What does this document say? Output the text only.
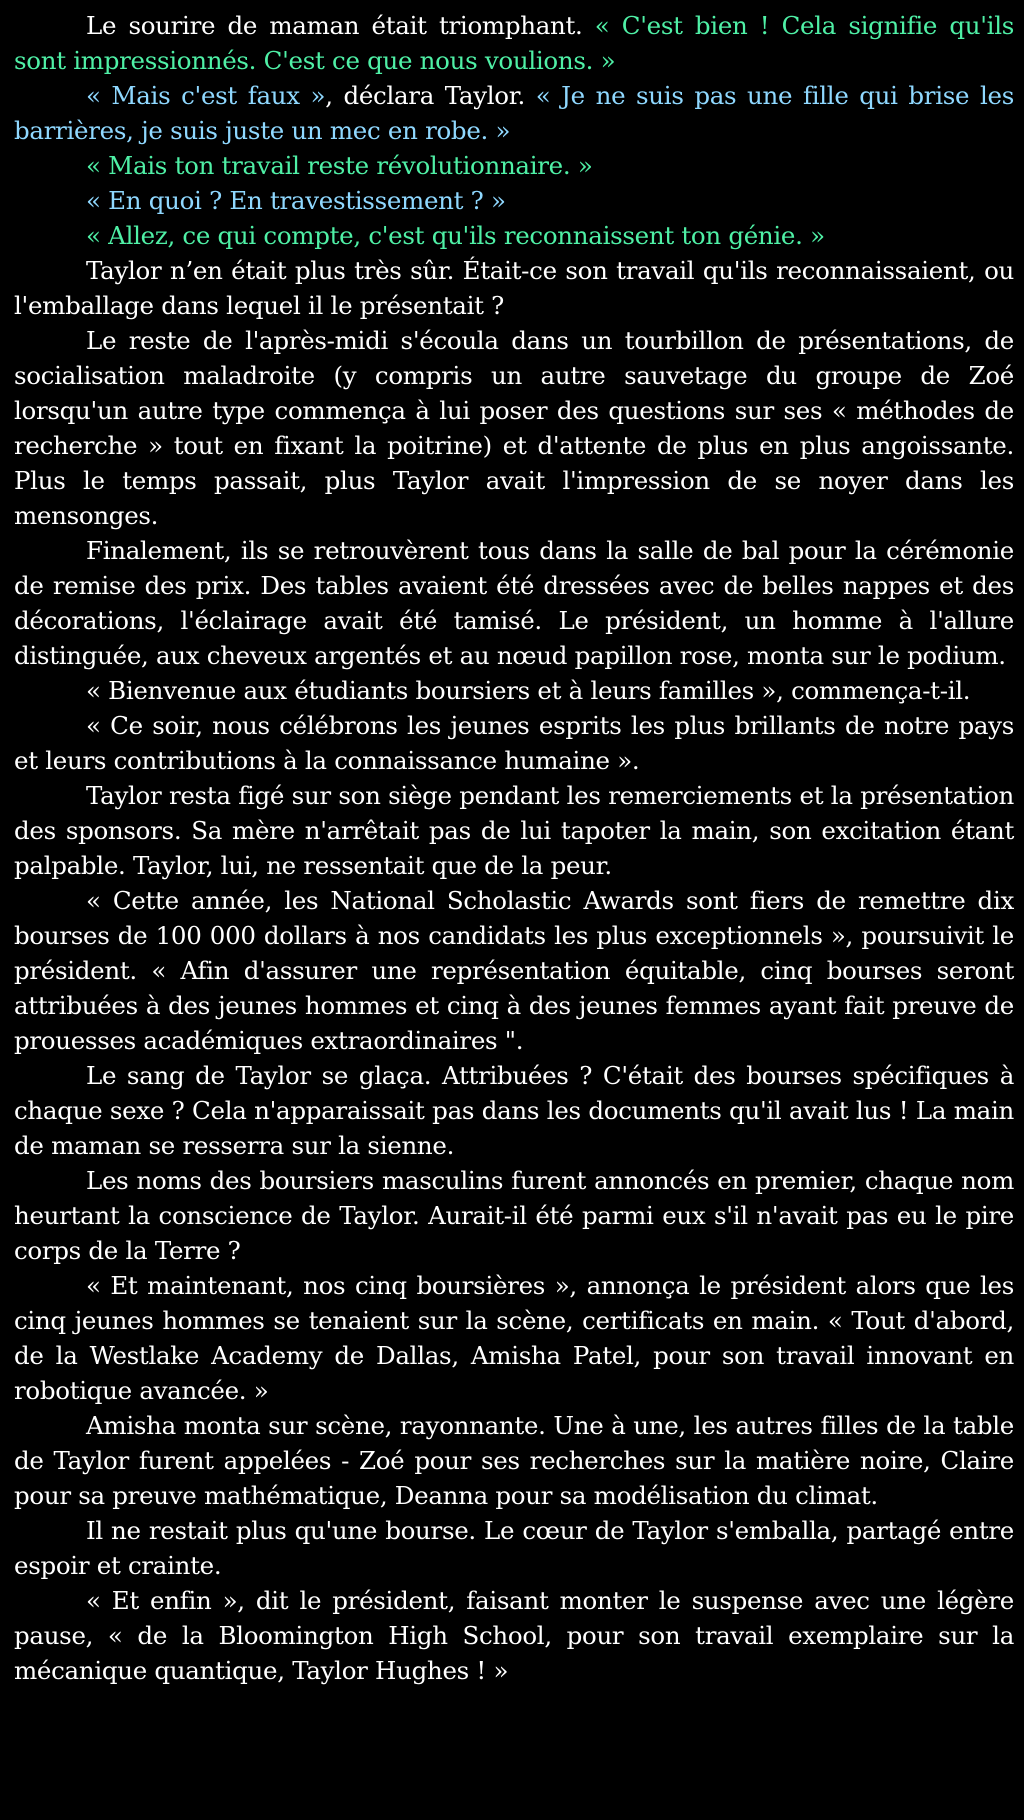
Le sourire de maman était triomphant. « C'est bien ! Cela signifie qu'ils sont impressionnés. C'est ce que nous voulions. »

« Mais c'est faux », déclara Taylor. « Je ne suis pas une fille qui brise les barrières, je suis juste un mec en robe. »

« Mais ton travail reste révolutionnaire. »

« En quoi ? En travestissement ? »

« Allez, ce qui compte, c'est qu'ils reconnaissent ton génie. »

Taylor n’en était plus très sûr. Était-ce son travail qu'ils reconnaissaient, ou l'emballage dans lequel il le présentait ?

Le reste de l'après-midi s'écoula dans un tourbillon de présentations, de socialisation maladroite (y compris un autre sauvetage du groupe de Zoé lorsqu'un autre type commença à lui poser des questions sur ses « méthodes de recherche » tout en fixant la poitrine) et d'attente de plus en plus angoissante. Plus le temps passait, plus Taylor avait l'impression de se noyer dans les mensonges.

Finalement, ils se retrouvèrent tous dans la salle de bal pour la cérémonie de remise des prix. Des tables avaient été dressées avec de belles nappes et des décorations, l'éclairage avait été tamisé. Le président, un homme à l'allure distinguée, aux cheveux argentés et au nœud papillon rose, monta sur le podium.

« Bienvenue aux étudiants boursiers et à leurs familles », commença-t-il.

« Ce soir, nous célébrons les jeunes esprits les plus brillants de notre pays et leurs contributions à la connaissance humaine ».

Taylor resta figé sur son siège pendant les remerciements et la présentation des sponsors. Sa mère n'arrêtait pas de lui tapoter la main, son excitation étant palpable. Taylor, lui, ne ressentait que de la peur.

« Cette année, les National Scholastic Awards sont fiers de remettre dix bourses de 100 000 dollars à nos candidats les plus exceptionnels », poursuivit le président. « Afin d'assurer une représentation équitable, cinq bourses seront attribuées à des jeunes hommes et cinq à des jeunes femmes ayant fait preuve de prouesses académiques extraordinaires ".

Le sang de Taylor se glaça. Attribuées ? C'était des bourses spécifiques à chaque sexe ? Cela n'apparaissait pas dans les documents qu'il avait lus ! La main de maman se resserra sur la sienne.

Les noms des boursiers masculins furent annoncés en premier, chaque nom heurtant la conscience de Taylor. Aurait-il été parmi eux s'il n'avait pas eu le pire corps de la Terre ?

« Et maintenant, nos cinq boursières », annonça le président alors que les cinq jeunes hommes se tenaient sur la scène, certificats en main. « Tout d'abord, de la Westlake Academy de Dallas, Amisha Patel, pour son travail innovant en robotique avancée. »

Amisha monta sur scène, rayonnante. Une à une, les autres filles de la table de Taylor furent appelées - Zoé pour ses recherches sur la matière noire, Claire pour sa preuve mathématique, Deanna pour sa modélisation du climat.

Il ne restait plus qu'une bourse. Le cœur de Taylor s'emballa, partagé entre espoir et crainte.

« Et enfin », dit le président, faisant monter le suspense avec une légère pause, « de la Bloomington High School, pour son travail exemplaire sur la mécanique quantique, Taylor Hughes ! »
